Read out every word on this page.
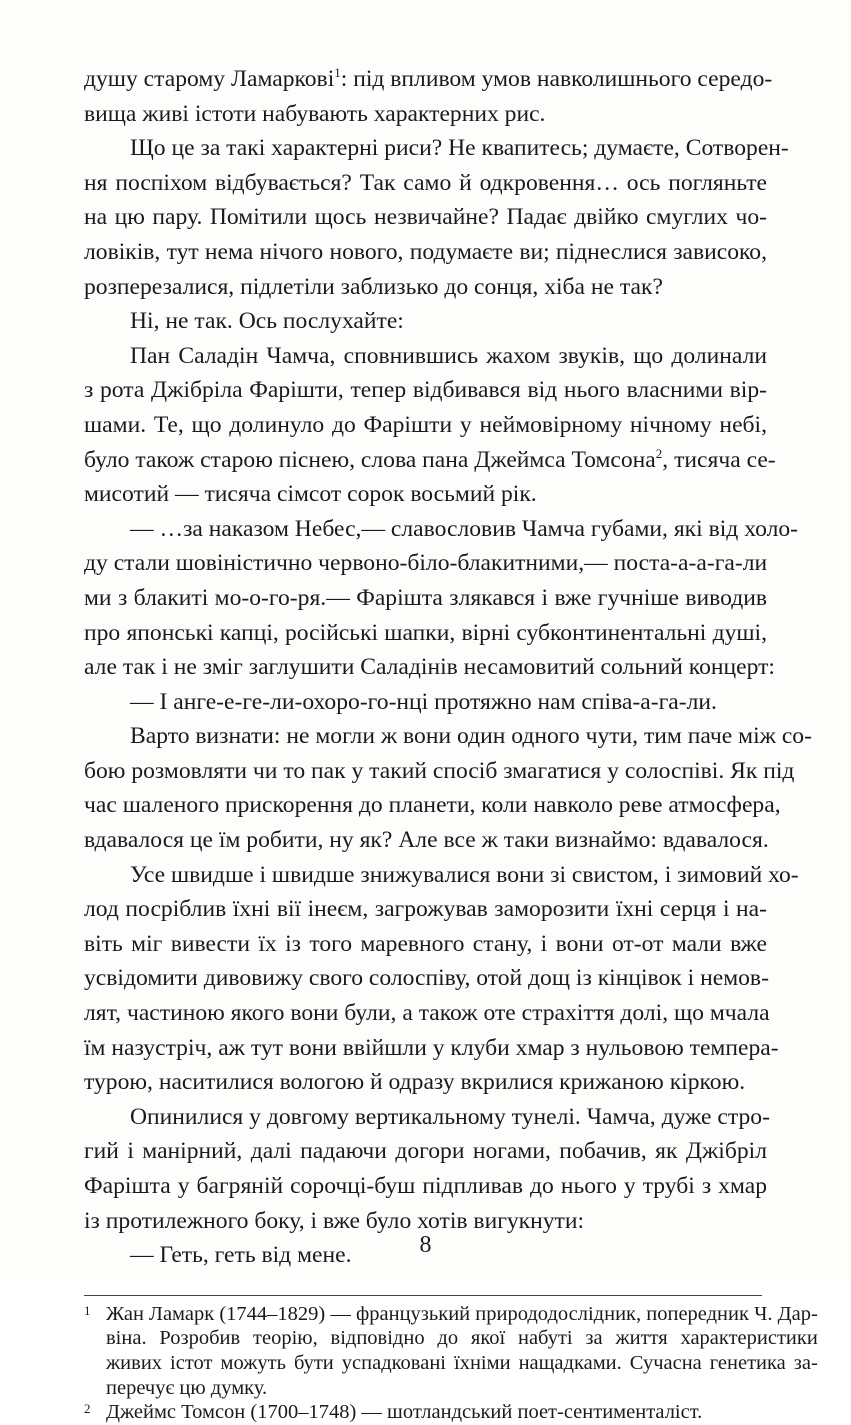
душу старому Ламаркові$^1$: під впливом умов навколишнього середо-
вища живі істоти набувають характерних рис.
Що це за такі характерні риси? Не квапитесь; думаєте, Сотворен-
ня поспіхом відбувається? Так само й одкровення… ось погляньте
на цю пару. Помітили щось незвичайне? Падає двійко смуглих чо-
ловіків, тут нема нічого нового, подумаєте ви; піднеслися зависоко,
розперезалися, підлетіли заблизько до сонця, хіба не так?
Ні, не так. Ось послухайте:
Пан Саладін Чамча, сповнившись жахом звуків, що долинали
з рота Джібріла Фарішти, тепер відбивався від нього власними вір-
шами. Те, що долинуло до Фарішти у неймовірному нічному небі,
було також старою піснею, слова пана Джеймса Томсона$^2$, тисяча се-
мисотий — тисяча сімсот сорок восьмий рік.
— …за наказом Небес,— славословив Чамча губами, які від холо-
ду стали шовіністично червоно-біло-блакитними,— поста-а-а-га-ли
ми з блакиті мо-о-го-ря.— Фарішта злякався і вже гучніше виводив
про японські капці, російські шапки, вірні субконтинентальні душі,
але так і не зміг заглушити Саладінів несамовитий сольний концерт:
— І анге-е-ге-ли-охоро-го-нці протяжно нам співа-а-га-ли.
Варто визнати: не могли ж вони один одного чути, тим паче між со-
бою розмовляти чи то пак у такий спосіб змагатися у солоспіві. Як під
час шаленого прискорення до планети, коли навколо реве атмосфера,
вдавалося це їм робити, ну як? Але все ж таки визнаймо: вдавалося.
Усе швидше і швидше знижувалися вони зі свистом, і зимовий хо-
лод посріблив їхні вії інеєм, загрожував заморозити їхні серця і на-
віть міг вивести їх із того маревного стану, і вони от-от мали вже
усвідомити дивовижу свого солоспіву, отой дощ із кінцівок і немов-
лят, частиною якого вони були, а також оте страхіття долі, що мчала
їм назустріч, аж тут вони ввійшли у клуби хмар з нульовою темпера-
турою, наситилися вологою й одразу вкрилися крижаною кіркою.
Опинилися у довгому вертикальному тунелі. Чамча, дуже стро-
гий і манірний, далі падаючи догори ногами, побачив, як Джібріл
Фарішта у багряній сорочці-буш підпливав до нього у трубі з хмар
із протилежного боку, і вже було хотів вигукнути:
— Геть, геть від мене.
1 Жан Ламарк (1744–1829) — французький природодослідник, попередник Ч. Дар-
віна. Розробив теорію, відповідно до якої набуті за життя характеристики
живих істот можуть бути успадковані їхніми нащадками. Сучасна генетика за-
перечує цю думку.
2 Джеймс Томсон (1700–1748) — шотландський поет-сентименталіст.
8
